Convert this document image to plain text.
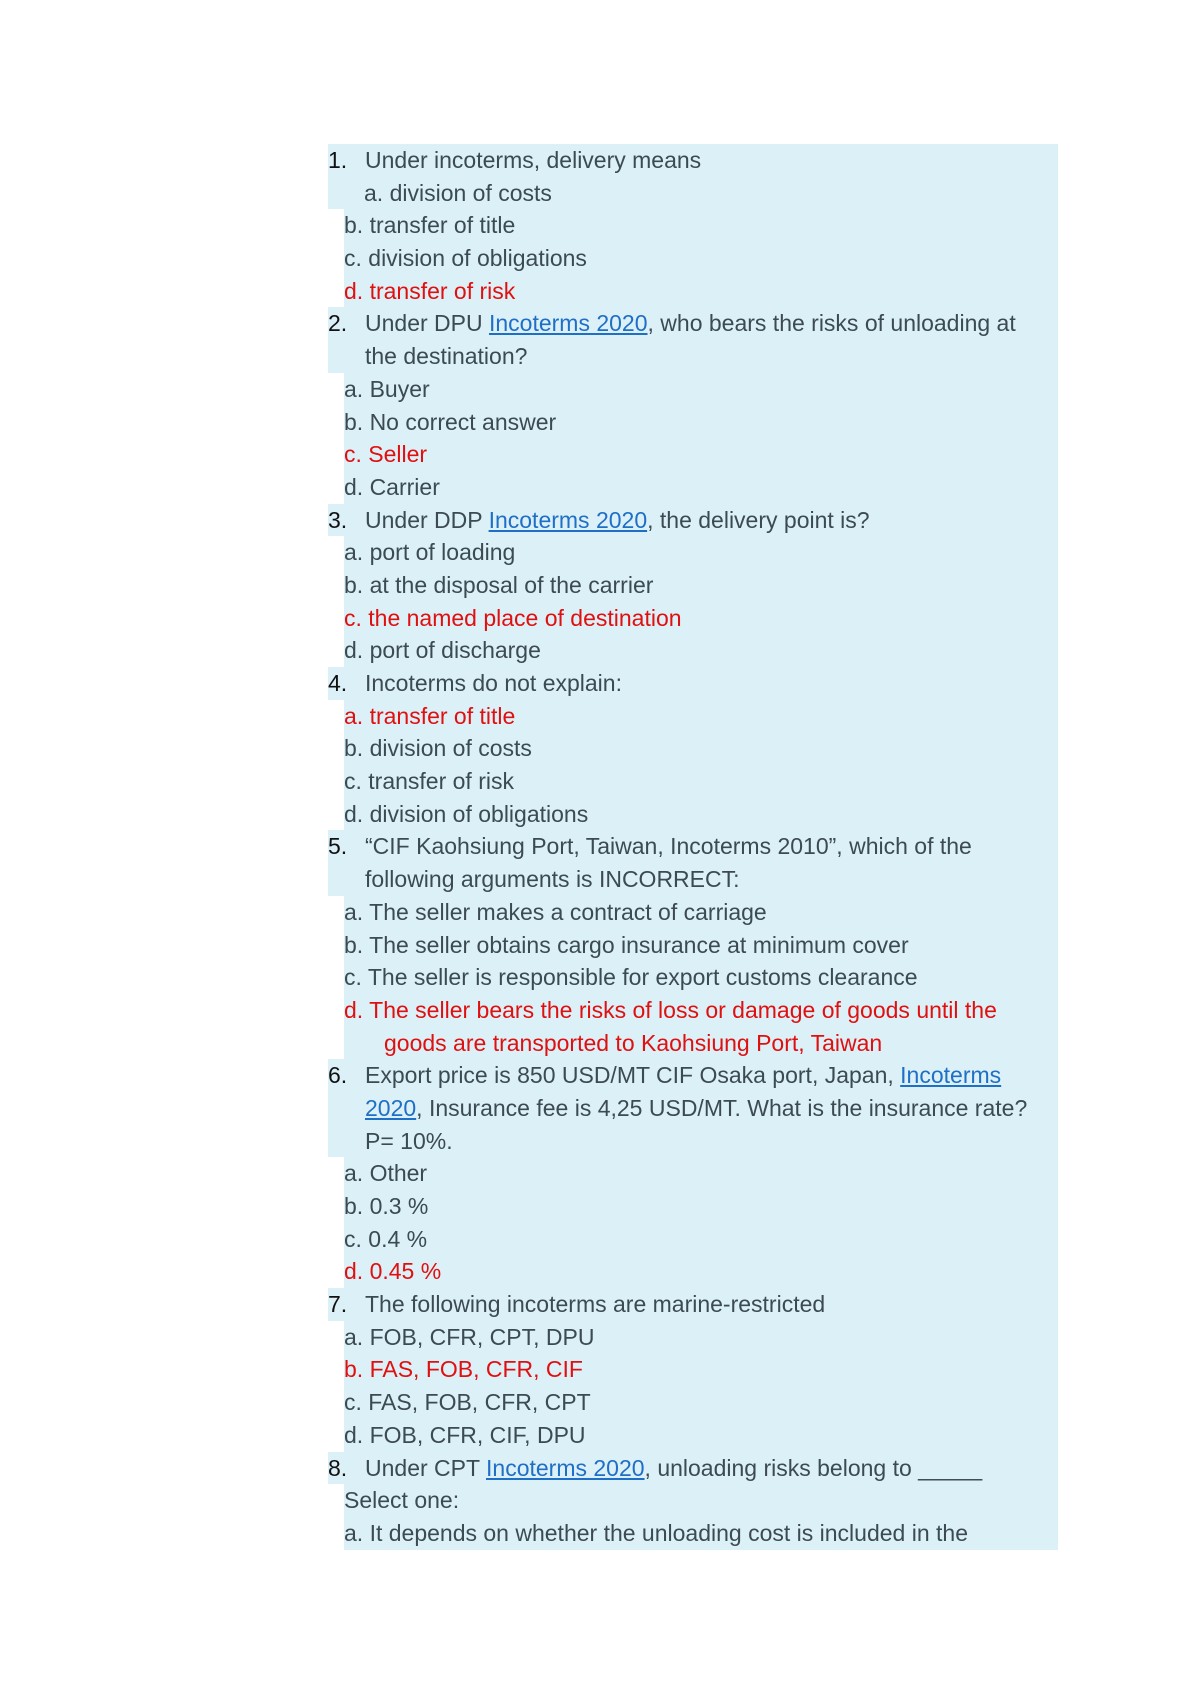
1. Under incoterms, delivery means
a. division of costs
b. transfer of title
c. division of obligations
d. transfer of risk
2. Under DPU Incoterms 2020, who bears the risks of unloading at
the destination?
a. Buyer
b. No correct answer
c. Seller
d. Carrier
3. Under DDP Incoterms 2020, the delivery point is?
a. port of loading
b. at the disposal of the carrier
c. the named place of destination
d. port of discharge
4. Incoterms do not explain:
a. transfer of title
b. division of costs
c. transfer of risk
d. division of obligations
5. “CIF Kaohsiung Port, Taiwan, Incoterms 2010”, which of the
following arguments is INCORRECT:
a. The seller makes a contract of carriage
b. The seller obtains cargo insurance at minimum cover
c. The seller is responsible for export customs clearance
d. The seller bears the risks of loss or damage of goods until the
goods are transported to Kaohsiung Port, Taiwan
6. Export price is 850 USD/MT CIF Osaka port, Japan, Incoterms
2020, Insurance fee is 4,25 USD/MT. What is the insurance rate?
P= 10%.
a. Other
b. 0.3 %
c. 0.4 %
d. 0.45 %
7. The following incoterms are marine-restricted
a. FOB, CFR, CPT, DPU
b. FAS, FOB, CFR, CIF
c. FAS, FOB, CFR, CPT
d. FOB, CFR, CIF, DPU
8. Under CPT Incoterms 2020, unloading risks belong to _____
Select one:
a. It depends on whether the unloading cost is included in the
